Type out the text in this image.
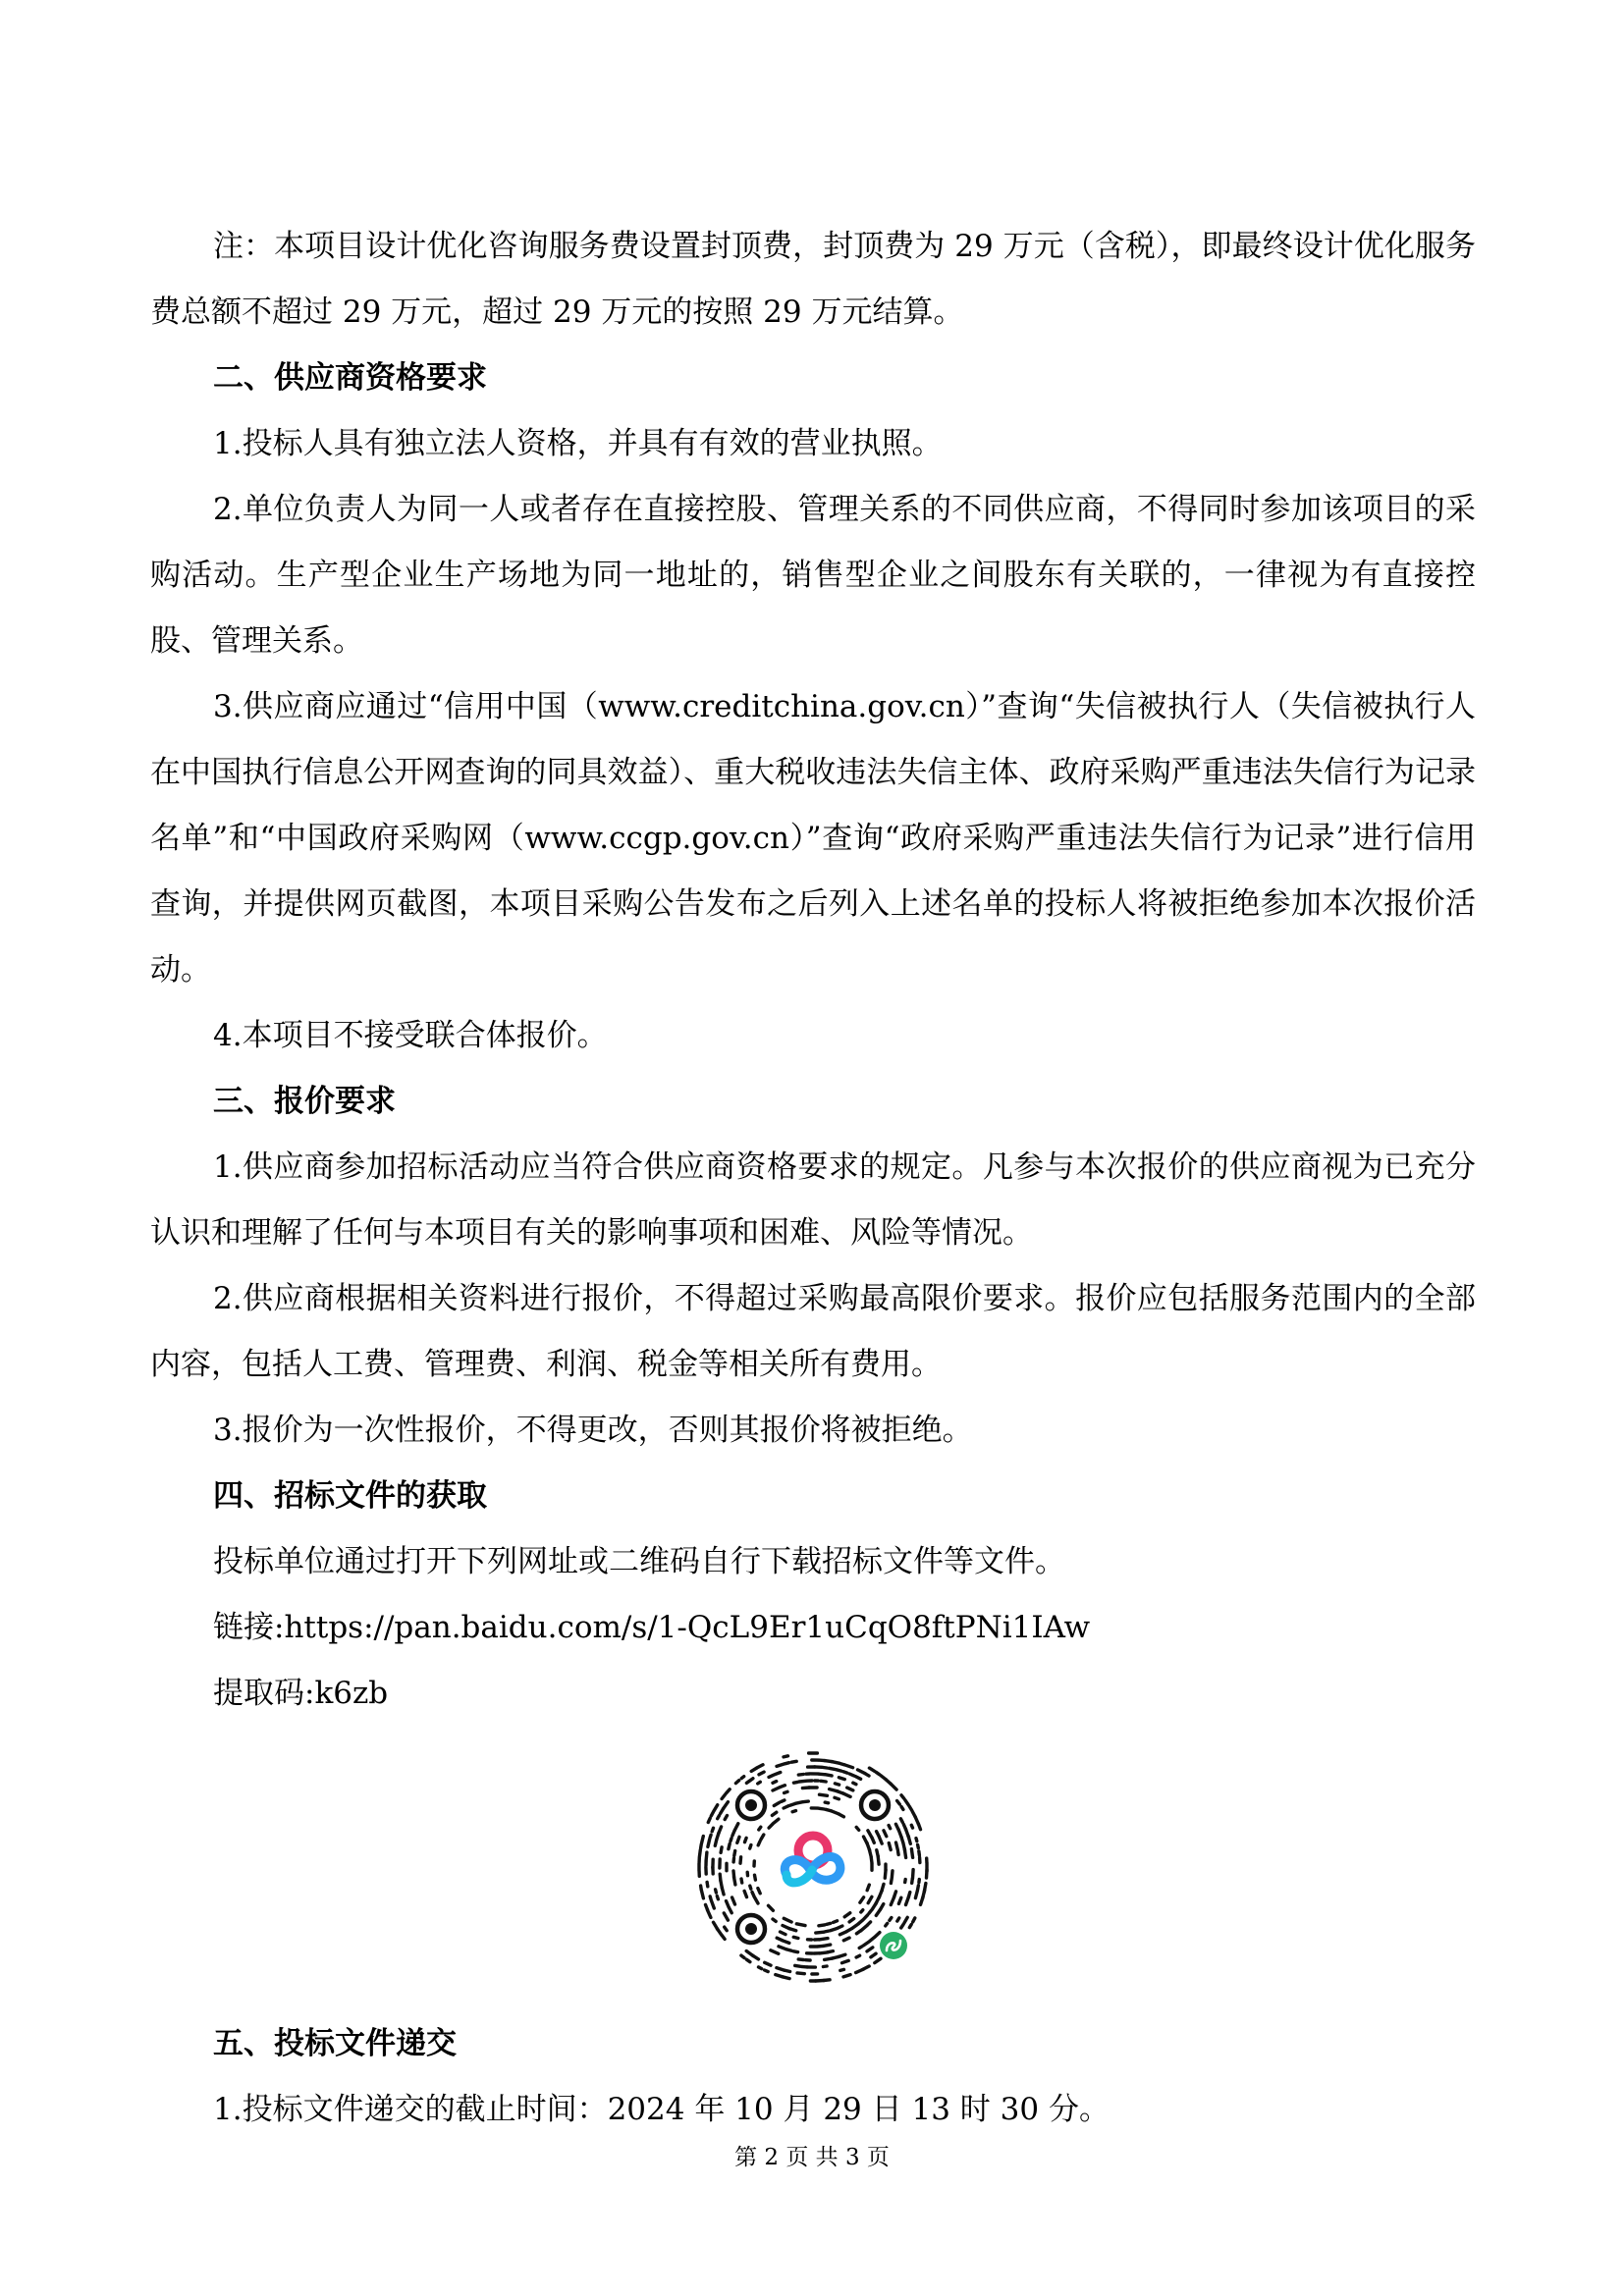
注：本项目设计优化咨询服务费设置封顶费，封顶费为 29 万元（含税），即最终设计优化服务费总额不超过 29 万元，超过 29 万元的按照 29 万元结算。

二、供应商资格要求

1.投标人具有独立法人资格，并具有有效的营业执照。

2.单位负责人为同一人或者存在直接控股、管理关系的不同供应商，不得同时参加该项目的采购活动。生产型企业生产场地为同一地址的，销售型企业之间股东有关联的，一律视为有直接控股、管理关系。

3.供应商应通过“信用中国（www.creditchina.gov.cn）”查询“失信被执行人（失信被执行人在中国执行信息公开网查询的同具效益）、重大税收违法失信主体、政府采购严重违法失信行为记录名单”和“中国政府采购网（www.ccgp.gov.cn）”查询“政府采购严重违法失信行为记录”进行信用查询，并提供网页截图，本项目采购公告发布之后列入上述名单的投标人将被拒绝参加本次报价活动。

4.本项目不接受联合体报价。

三、报价要求

1.供应商参加招标活动应当符合供应商资格要求的规定。凡参与本次报价的供应商视为已充分认识和理解了任何与本项目有关的影响事项和困难、风险等情况。

2.供应商根据相关资料进行报价，不得超过采购最高限价要求。报价应包括服务范围内的全部内容，包括人工费、管理费、利润、税金等相关所有费用。

3.报价为一次性报价，不得更改，否则其报价将被拒绝。

四、招标文件的获取

投标单位通过打开下列网址或二维码自行下载招标文件等文件。

链接:https://pan.baidu.com/s/1-QcL9Er1uCqO8ftPNi1IAw

提取码:k6zb

五、投标文件递交

1.投标文件递交的截止时间：2024 年 10 月 29 日 13 时 30 分。

第 2 页 共 3 页
